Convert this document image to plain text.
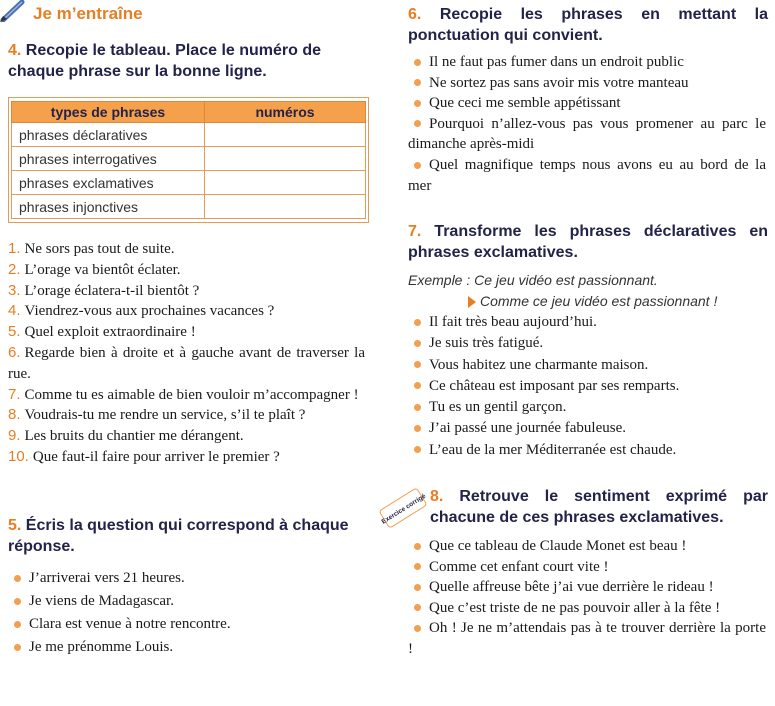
Je m’entraîne
4. Recopie le tableau. Place le numéro de chaque phrase sur la bonne ligne.
types de phrases	numéros
phrases déclaratives	
phrases interrogatives	
phrases exclamatives	
phrases injonctives	
1. Ne sors pas tout de suite.
2. L’orage va bientôt éclater.
3. L’orage éclatera-t-il bientôt ?
4. Viendrez-vous aux prochaines vacances ?
5. Quel exploit extraordinaire !
6. Regarde bien à droite et à gauche avant de traverser la rue.
7. Comme tu es aimable de bien vouloir m’accompagner !
8. Voudrais-tu me rendre un service, s’il te plaît ?
9. Les bruits du chantier me dérangent.
10. Que faut-il faire pour arriver le premier ?
5. Écris la question qui correspond à chaque réponse.
J’arriverai vers 21 heures.
Je viens de Madagascar.
Clara est venue à notre rencontre.
Je me prénomme Louis.
6. Recopie les phrases en mettant la ponctuation qui convient.
Il ne faut pas fumer dans un endroit public
Ne sortez pas sans avoir mis votre manteau
Que ceci me semble appétissant
Pourquoi n’allez-vous pas vous promener au parc le dimanche après-midi
Quel magnifique temps nous avons eu au bord de la mer
7. Transforme les phrases déclaratives en phrases exclamatives.
Exemple : Ce jeu vidéo est passionnant.
Comme ce jeu vidéo est passionnant !
Il fait très beau aujourd’hui.
Je suis très fatigué.
Vous habitez une charmante maison.
Ce château est imposant par ses remparts.
Tu es un gentil garçon.
J’ai passé une journée fabuleuse.
L’eau de la mer Méditerranée est chaude.
8. Retrouve le sentiment exprimé par chacune de ces phrases exclamatives.
Que ce tableau de Claude Monet est beau !
Comme cet enfant court vite !
Quelle affreuse bête j’ai vue derrière le rideau !
Que c’est triste de ne pas pouvoir aller à la fête !
Oh ! Je ne m’attendais pas à te trouver derrière la porte !
Exercice corrigé
